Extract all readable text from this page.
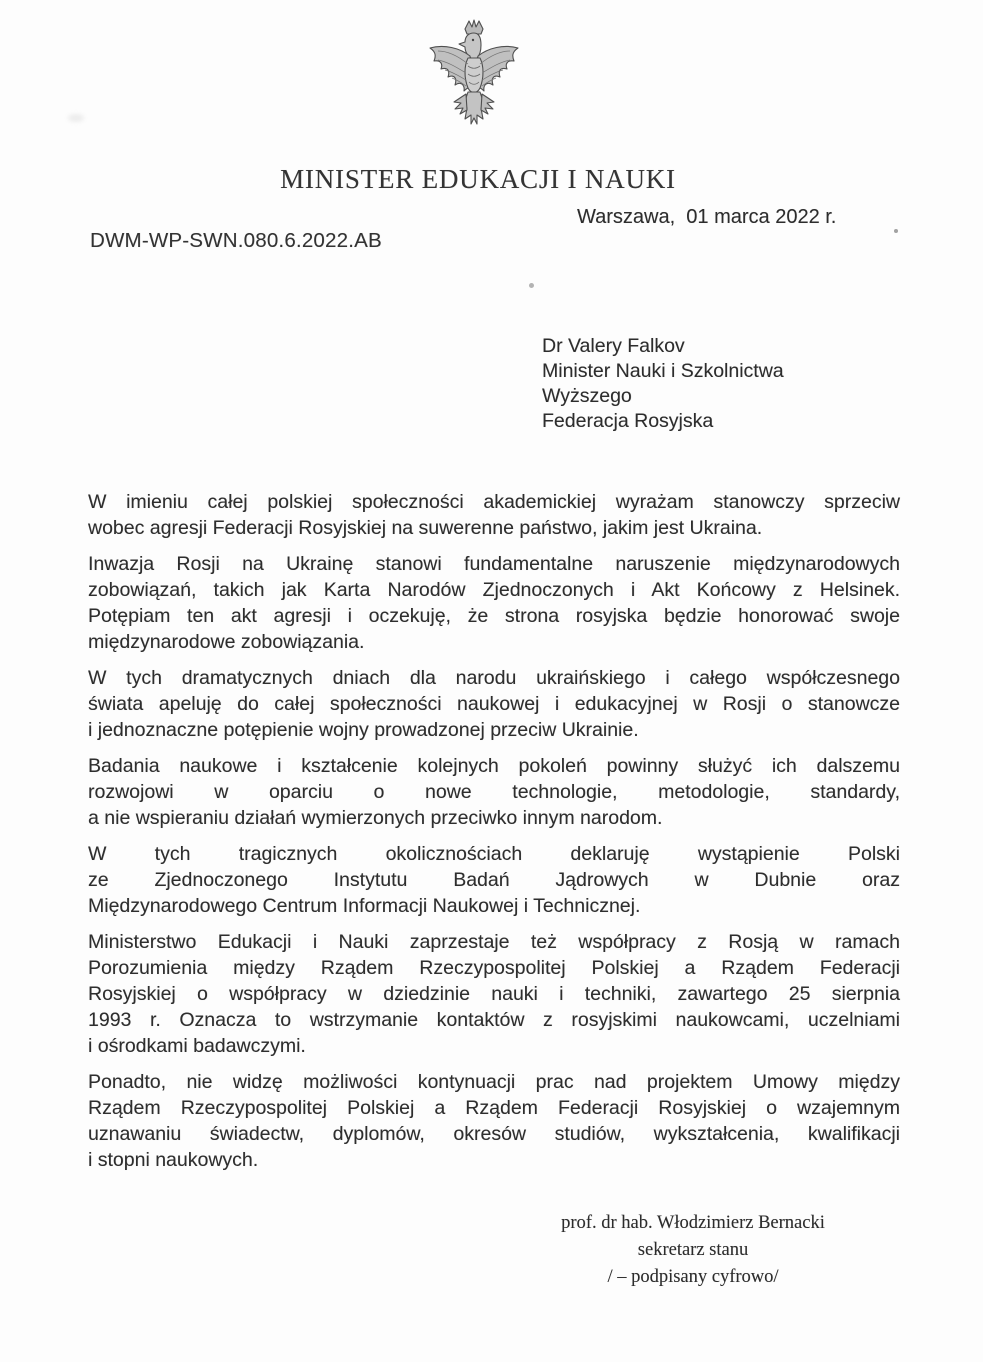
MINISTER EDUKACJI I NAUKI
Warszawa,  01 marca 2022 r.
DWM-WP-SWN.080.6.2022.AB
Dr Valery Falkov
Minister Nauki i Szkolnictwa
Wyższego
Federacja Rosyjska
W imieniu całej polskiej społeczności akademickiej wyrażam stanowczy sprzeciw
wobec agresji Federacji Rosyjskiej na suwerenne państwo, jakim jest Ukraina.
Inwazja Rosji na Ukrainę stanowi fundamentalne naruszenie międzynarodowych
zobowiązań, takich jak Karta Narodów Zjednoczonych i Akt Końcowy z Helsinek.
Potępiam ten akt agresji i oczekuję, że strona rosyjska będzie honorować swoje
międzynarodowe zobowiązania.
W tych dramatycznych dniach dla narodu ukraińskiego i całego współczesnego
świata apeluję do całej społeczności naukowej i edukacyjnej w Rosji o stanowcze
i jednoznaczne potępienie wojny prowadzonej przeciw Ukrainie.
Badania naukowe i kształcenie kolejnych pokoleń powinny służyć ich dalszemu
rozwojowi w oparciu o nowe technologie, metodologie, standardy,
a nie wspieraniu działań wymierzonych przeciwko innym narodom.
W tych tragicznych okolicznościach deklaruję wystąpienie Polski
ze Zjednoczonego Instytutu Badań Jądrowych w Dubnie oraz
Międzynarodowego Centrum Informacji Naukowej i Technicznej.
Ministerstwo Edukacji i Nauki zaprzestaje też współpracy z Rosją w ramach
Porozumienia między Rządem Rzeczypospolitej Polskiej a Rządem Federacji
Rosyjskiej o współpracy w dziedzinie nauki i techniki, zawartego 25 sierpnia
1993 r. Oznacza to wstrzymanie kontaktów z rosyjskimi naukowcami, uczelniami
i ośrodkami badawczymi.
Ponadto, nie widzę możliwości kontynuacji prac nad projektem Umowy między
Rządem Rzeczypospolitej Polskiej a Rządem Federacji Rosyjskiej o wzajemnym
uznawaniu świadectw, dyplomów, okresów studiów, wykształcenia, kwalifikacji
i stopni naukowych.
prof. dr hab. Włodzimierz Bernacki
sekretarz stanu
/ – podpisany cyfrowo/
